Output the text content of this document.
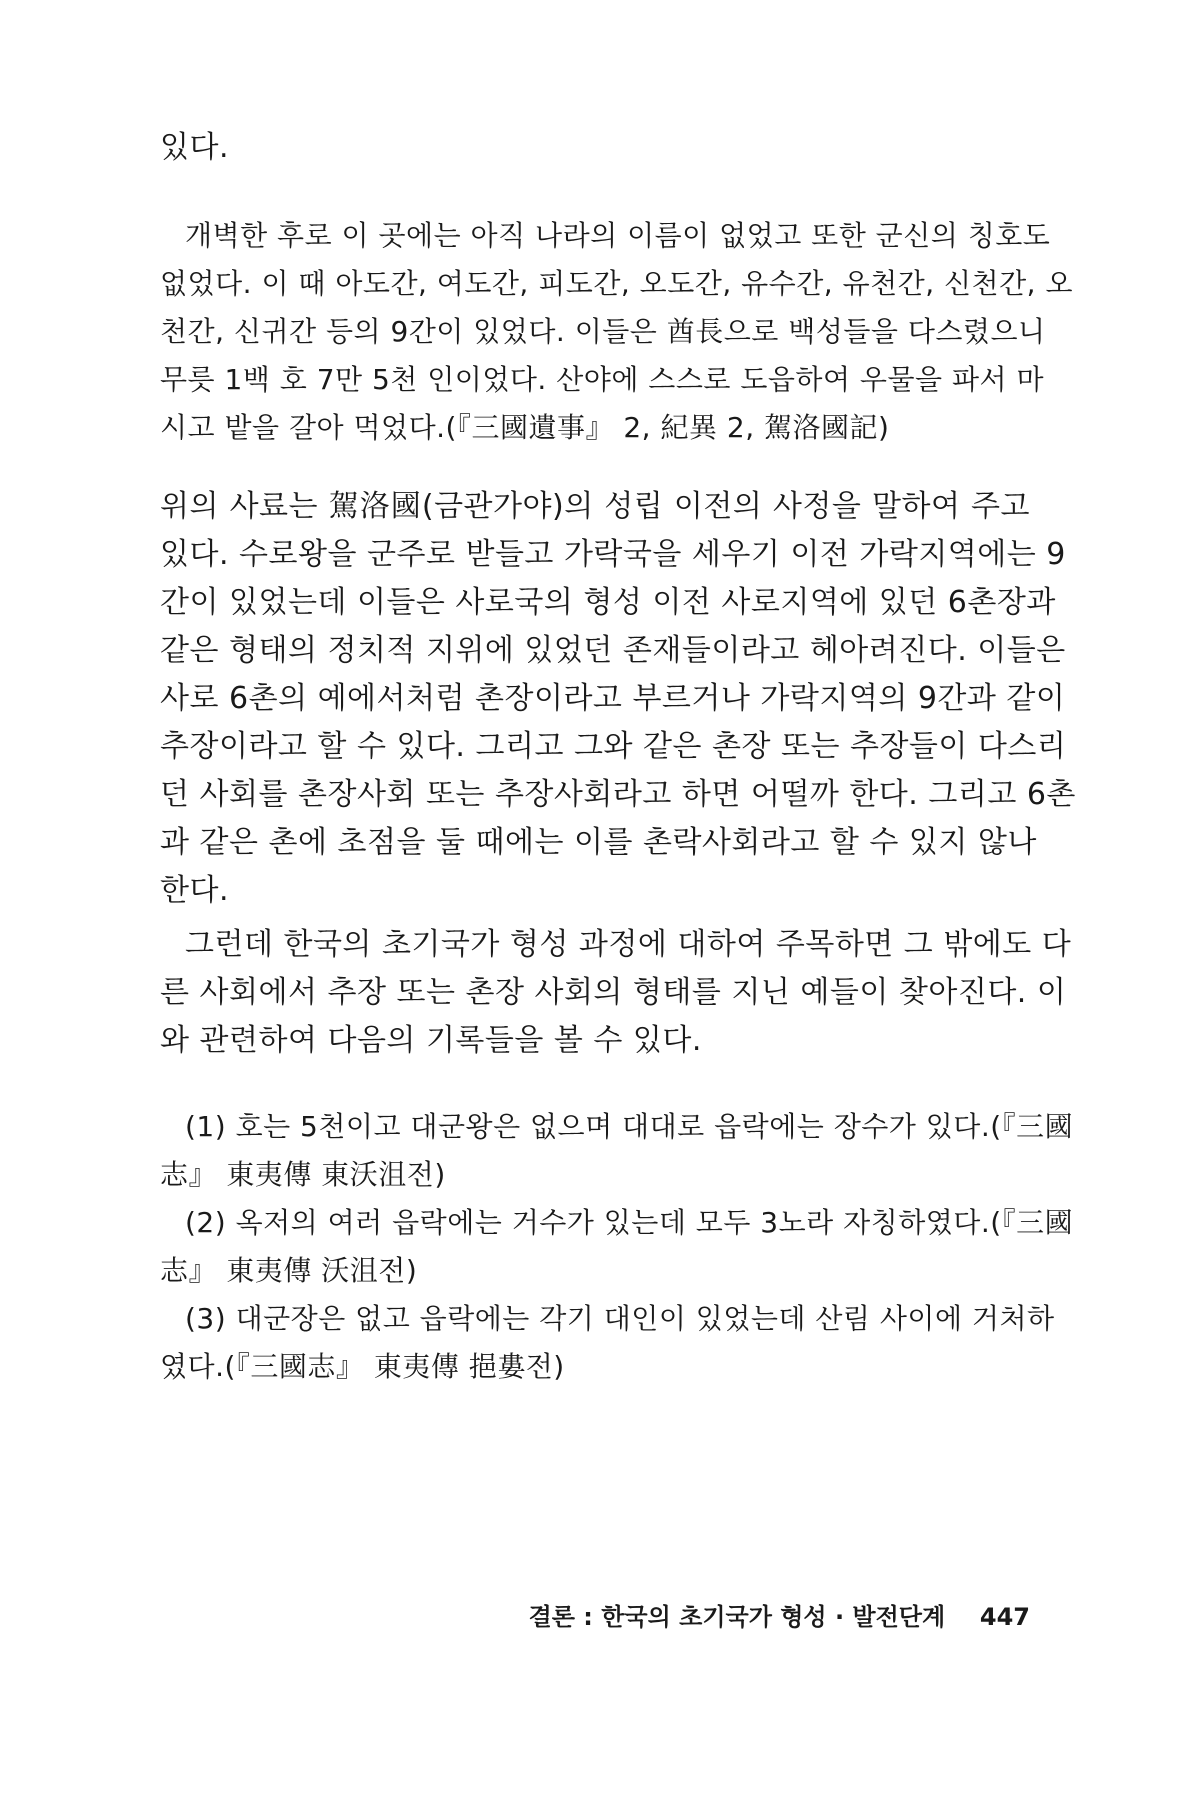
있다.
개벽한 후로 이 곳에는 아직 나라의 이름이 없었고 또한 군신의 칭호도
없었다. 이 때 아도간, 여도간, 피도간, 오도간, 유수간, 유천간, 신천간, 오
천간, 신귀간 등의 9간이 있었다. 이들은 酋長으로 백성들을 다스렸으니
무릇 1백 호 7만 5천 인이었다. 산야에 스스로 도읍하여 우물을 파서 마
시고 밭을 갈아 먹었다.(『三國遺事』 2, 紀異 2, 駕洛國記)
위의 사료는 駕洛國(금관가야)의 성립 이전의 사정을 말하여 주고
있다. 수로왕을 군주로 받들고 가락국을 세우기 이전 가락지역에는 9
간이 있었는데 이들은 사로국의 형성 이전 사로지역에 있던 6촌장과
같은 형태의 정치적 지위에 있었던 존재들이라고 헤아려진다. 이들은
사로 6촌의 예에서처럼 촌장이라고 부르거나 가락지역의 9간과 같이
추장이라고 할 수 있다. 그리고 그와 같은 촌장 또는 추장들이 다스리
던 사회를 촌장사회 또는 추장사회라고 하면 어떨까 한다. 그리고 6촌
과 같은 촌에 초점을 둘 때에는 이를 촌락사회라고 할 수 있지 않나
한다.
그런데 한국의 초기국가 형성 과정에 대하여 주목하면 그 밖에도 다
른 사회에서 추장 또는 촌장 사회의 형태를 지닌 예들이 찾아진다. 이
와 관련하여 다음의 기록들을 볼 수 있다.
(1) 호는 5천이고 대군왕은 없으며 대대로 읍락에는 장수가 있다.(『三國
志』 東夷傳 東沃沮전)
(2) 옥저의 여러 읍락에는 거수가 있는데 모두 3노라 자칭하였다.(『三國
志』 東夷傳 沃沮전)
(3) 대군장은 없고 읍락에는 각기 대인이 있었는데 산림 사이에 거처하
였다.(『三國志』 東夷傳 挹婁전)
결론 : 한국의 초기국가 형성 · 발전단계 447
